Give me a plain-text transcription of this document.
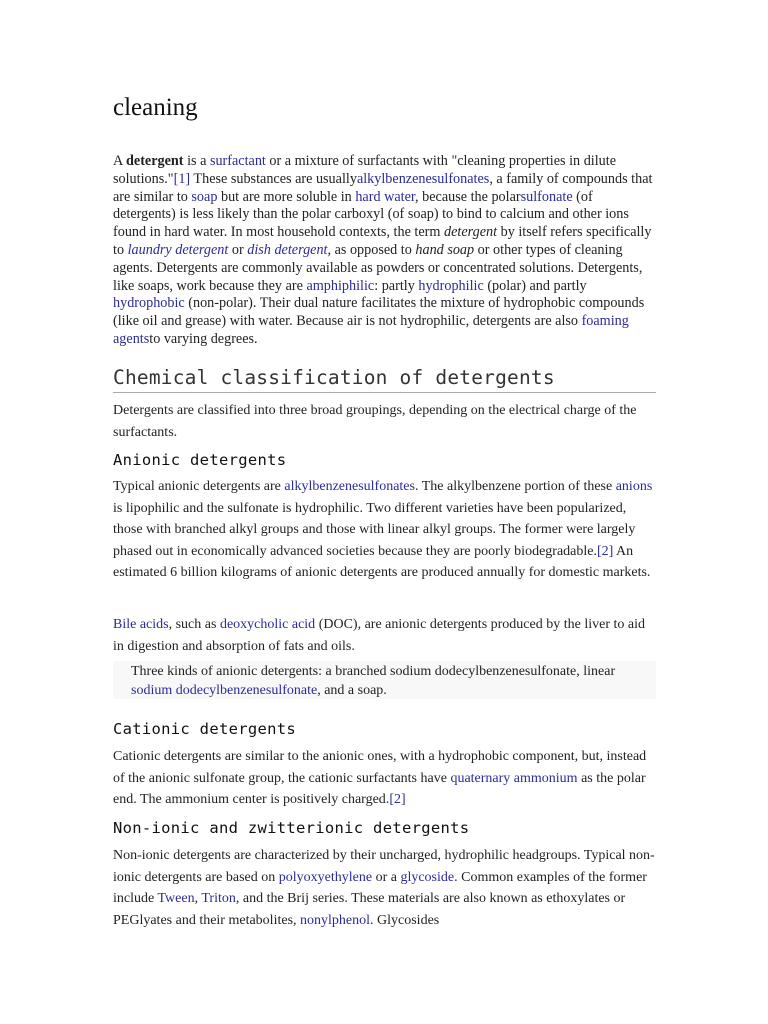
cleaning

A detergent is a surfactant or a mixture of surfactants with "cleaning properties in dilute solutions."[1] These substances are usuallyalkylbenzenesulfonates, a family of compounds that are similar to soap but are more soluble in hard water, because the polarsulfonate (of detergents) is less likely than the polar carboxyl (of soap) to bind to calcium and other ions found in hard water. In most household contexts, the term detergent by itself refers specifically to laundry detergent or dish detergent, as opposed to hand soap or other types of cleaning agents. Detergents are commonly available as powders or concentrated solutions. Detergents, like soaps, work because they are amphiphilic: partly hydrophilic (polar) and partly hydrophobic (non-polar). Their dual nature facilitates the mixture of hydrophobic compounds (like oil and grease) with water. Because air is not hydrophilic, detergents are also foaming agentsto varying degrees.

Chemical classification of detergents

Detergents are classified into three broad groupings, depending on the electrical charge of the surfactants.

Anionic detergents

Typical anionic detergents are alkylbenzenesulfonates. The alkylbenzene portion of these anions is lipophilic and the sulfonate is hydrophilic. Two different varieties have been popularized, those with branched alkyl groups and those with linear alkyl groups. The former were largely phased out in economically advanced societies because they are poorly biodegradable.[2] An estimated 6 billion kilograms of anionic detergents are produced annually for domestic markets.

Bile acids, such as deoxycholic acid (DOC), are anionic detergents produced by the liver to aid in digestion and absorption of fats and oils.

Three kinds of anionic detergents: a branched sodium dodecylbenzenesulfonate, linear sodium dodecylbenzenesulfonate, and a soap.

Cationic detergents

Cationic detergents are similar to the anionic ones, with a hydrophobic component, but, instead of the anionic sulfonate group, the cationic surfactants have quaternary ammonium as the polar end. The ammonium center is positively charged.[2]

Non-ionic and zwitterionic detergents

Non-ionic detergents are characterized by their uncharged, hydrophilic headgroups. Typical non-ionic detergents are based on polyoxyethylene or a glycoside. Common examples of the former include Tween, Triton, and the Brij series. These materials are also known as ethoxylates or PEGlyates and their metabolites, nonylphenol. Glycosides
